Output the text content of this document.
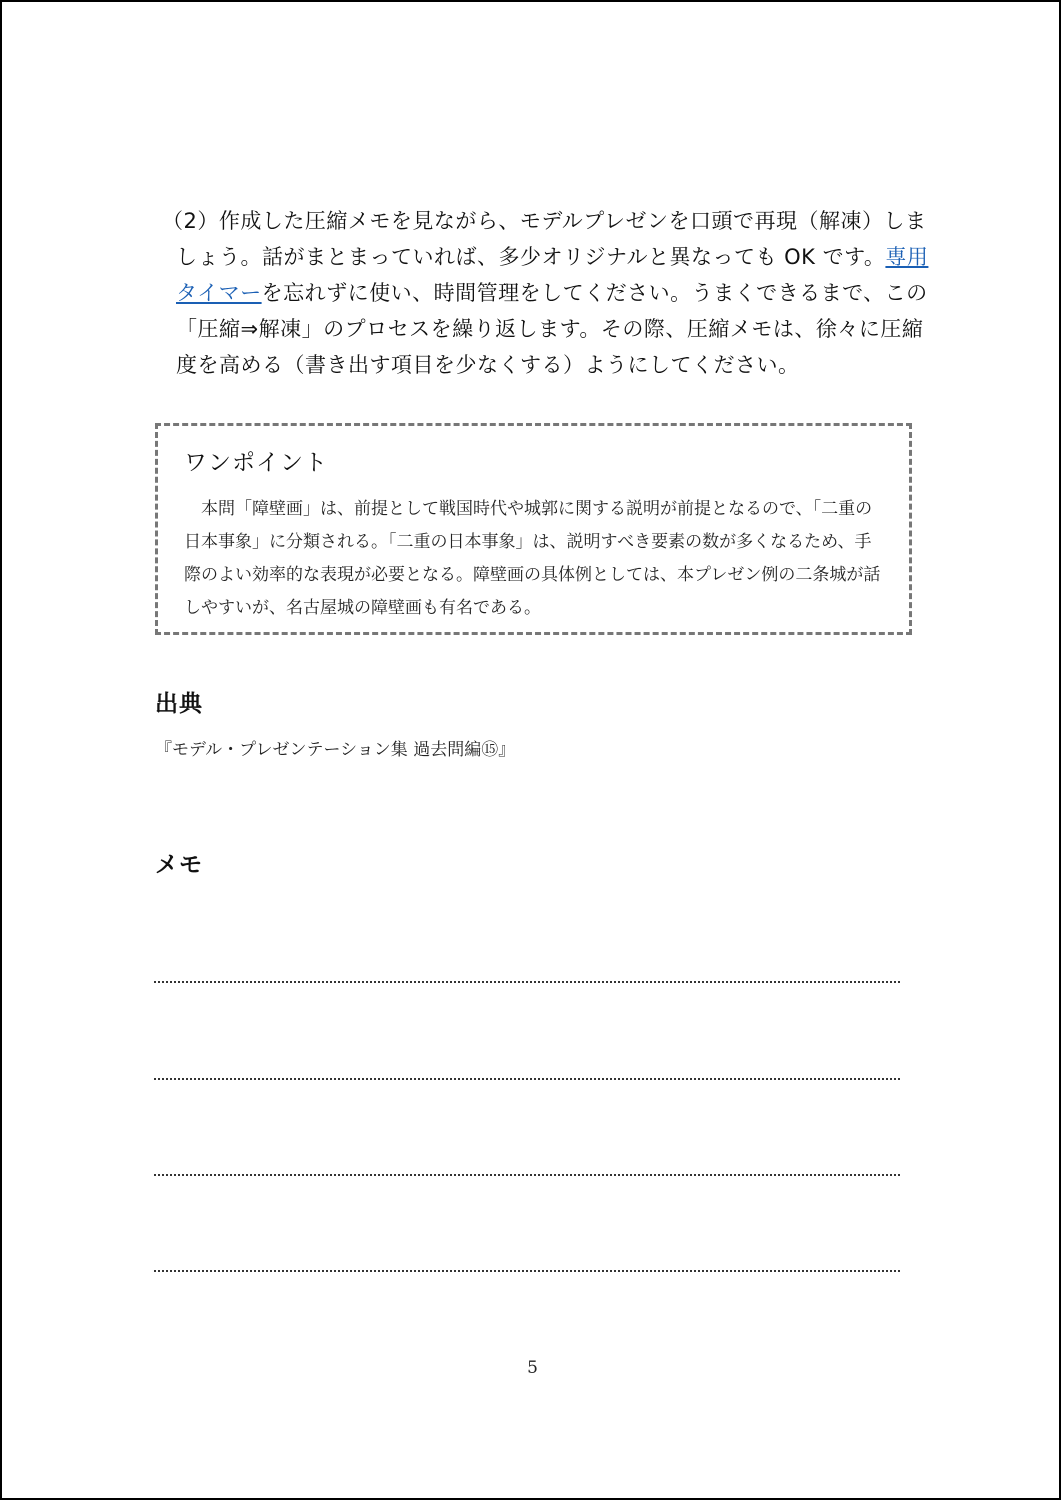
（2）作成した圧縮メモを見ながら、モデルプレゼンを口頭で再現（解凍）しましょう。話がまとまっていれば、多少オリジナルと異なっても OK です。専用タイマーを忘れずに使い、時間管理をしてください。うまくできるまで、この「圧縮⇒解凍」のプロセスを繰り返します。その際、圧縮メモは、徐々に圧縮度を高める（書き出す項目を少なくする）ようにしてください。

ワンポイント
本問「障壁画」は、前提として戦国時代や城郭に関する説明が前提となるので、「二重の日本事象」に分類される。「二重の日本事象」は、説明すべき要素の数が多くなるため、手際のよい効率的な表現が必要となる。障壁画の具体例としては、本プレゼン例の二条城が話しやすいが、名古屋城の障壁画も有名である。
出典
『モデル・プレゼンテーション集 過去問編⑮』
メモ
5
